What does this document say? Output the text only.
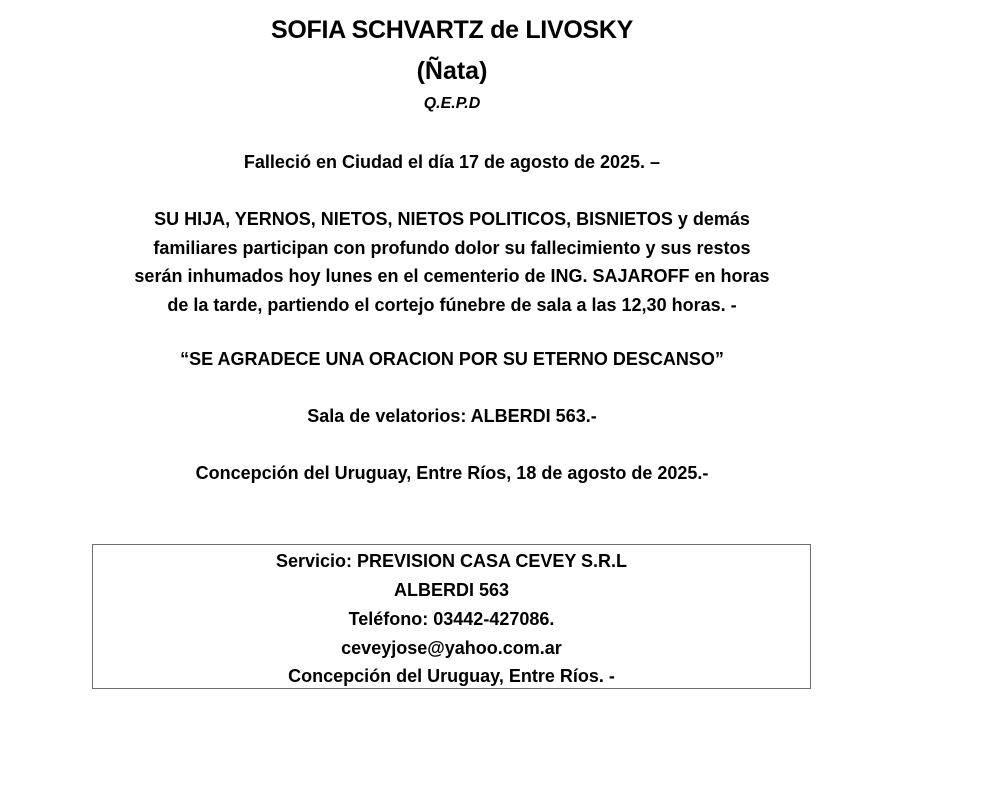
SOFIA SCHVARTZ de LIVOSKY
(Ñata)
Q.E.P.D
Falleció en Ciudad el día 17 de agosto de 2025. –
SU HIJA, YERNOS, NIETOS, NIETOS POLITICOS, BISNIETOS y demás
familiares participan con profundo dolor su fallecimiento y sus restos
serán inhumados hoy lunes en el cementerio de ING. SAJAROFF en horas
de la tarde, partiendo el cortejo fúnebre de sala a las 12,30 horas. -
“SE AGRADECE UNA ORACION POR SU ETERNO DESCANSO”
Sala de velatorios: ALBERDI 563.-
Concepción del Uruguay, Entre Ríos, 18 de agosto de 2025.-
Servicio: PREVISION CASA CEVEY S.R.L
ALBERDI 563
Teléfono: 03442-427086.
ceveyjose@yahoo.com.ar
Concepción del Uruguay, Entre Ríos. -
